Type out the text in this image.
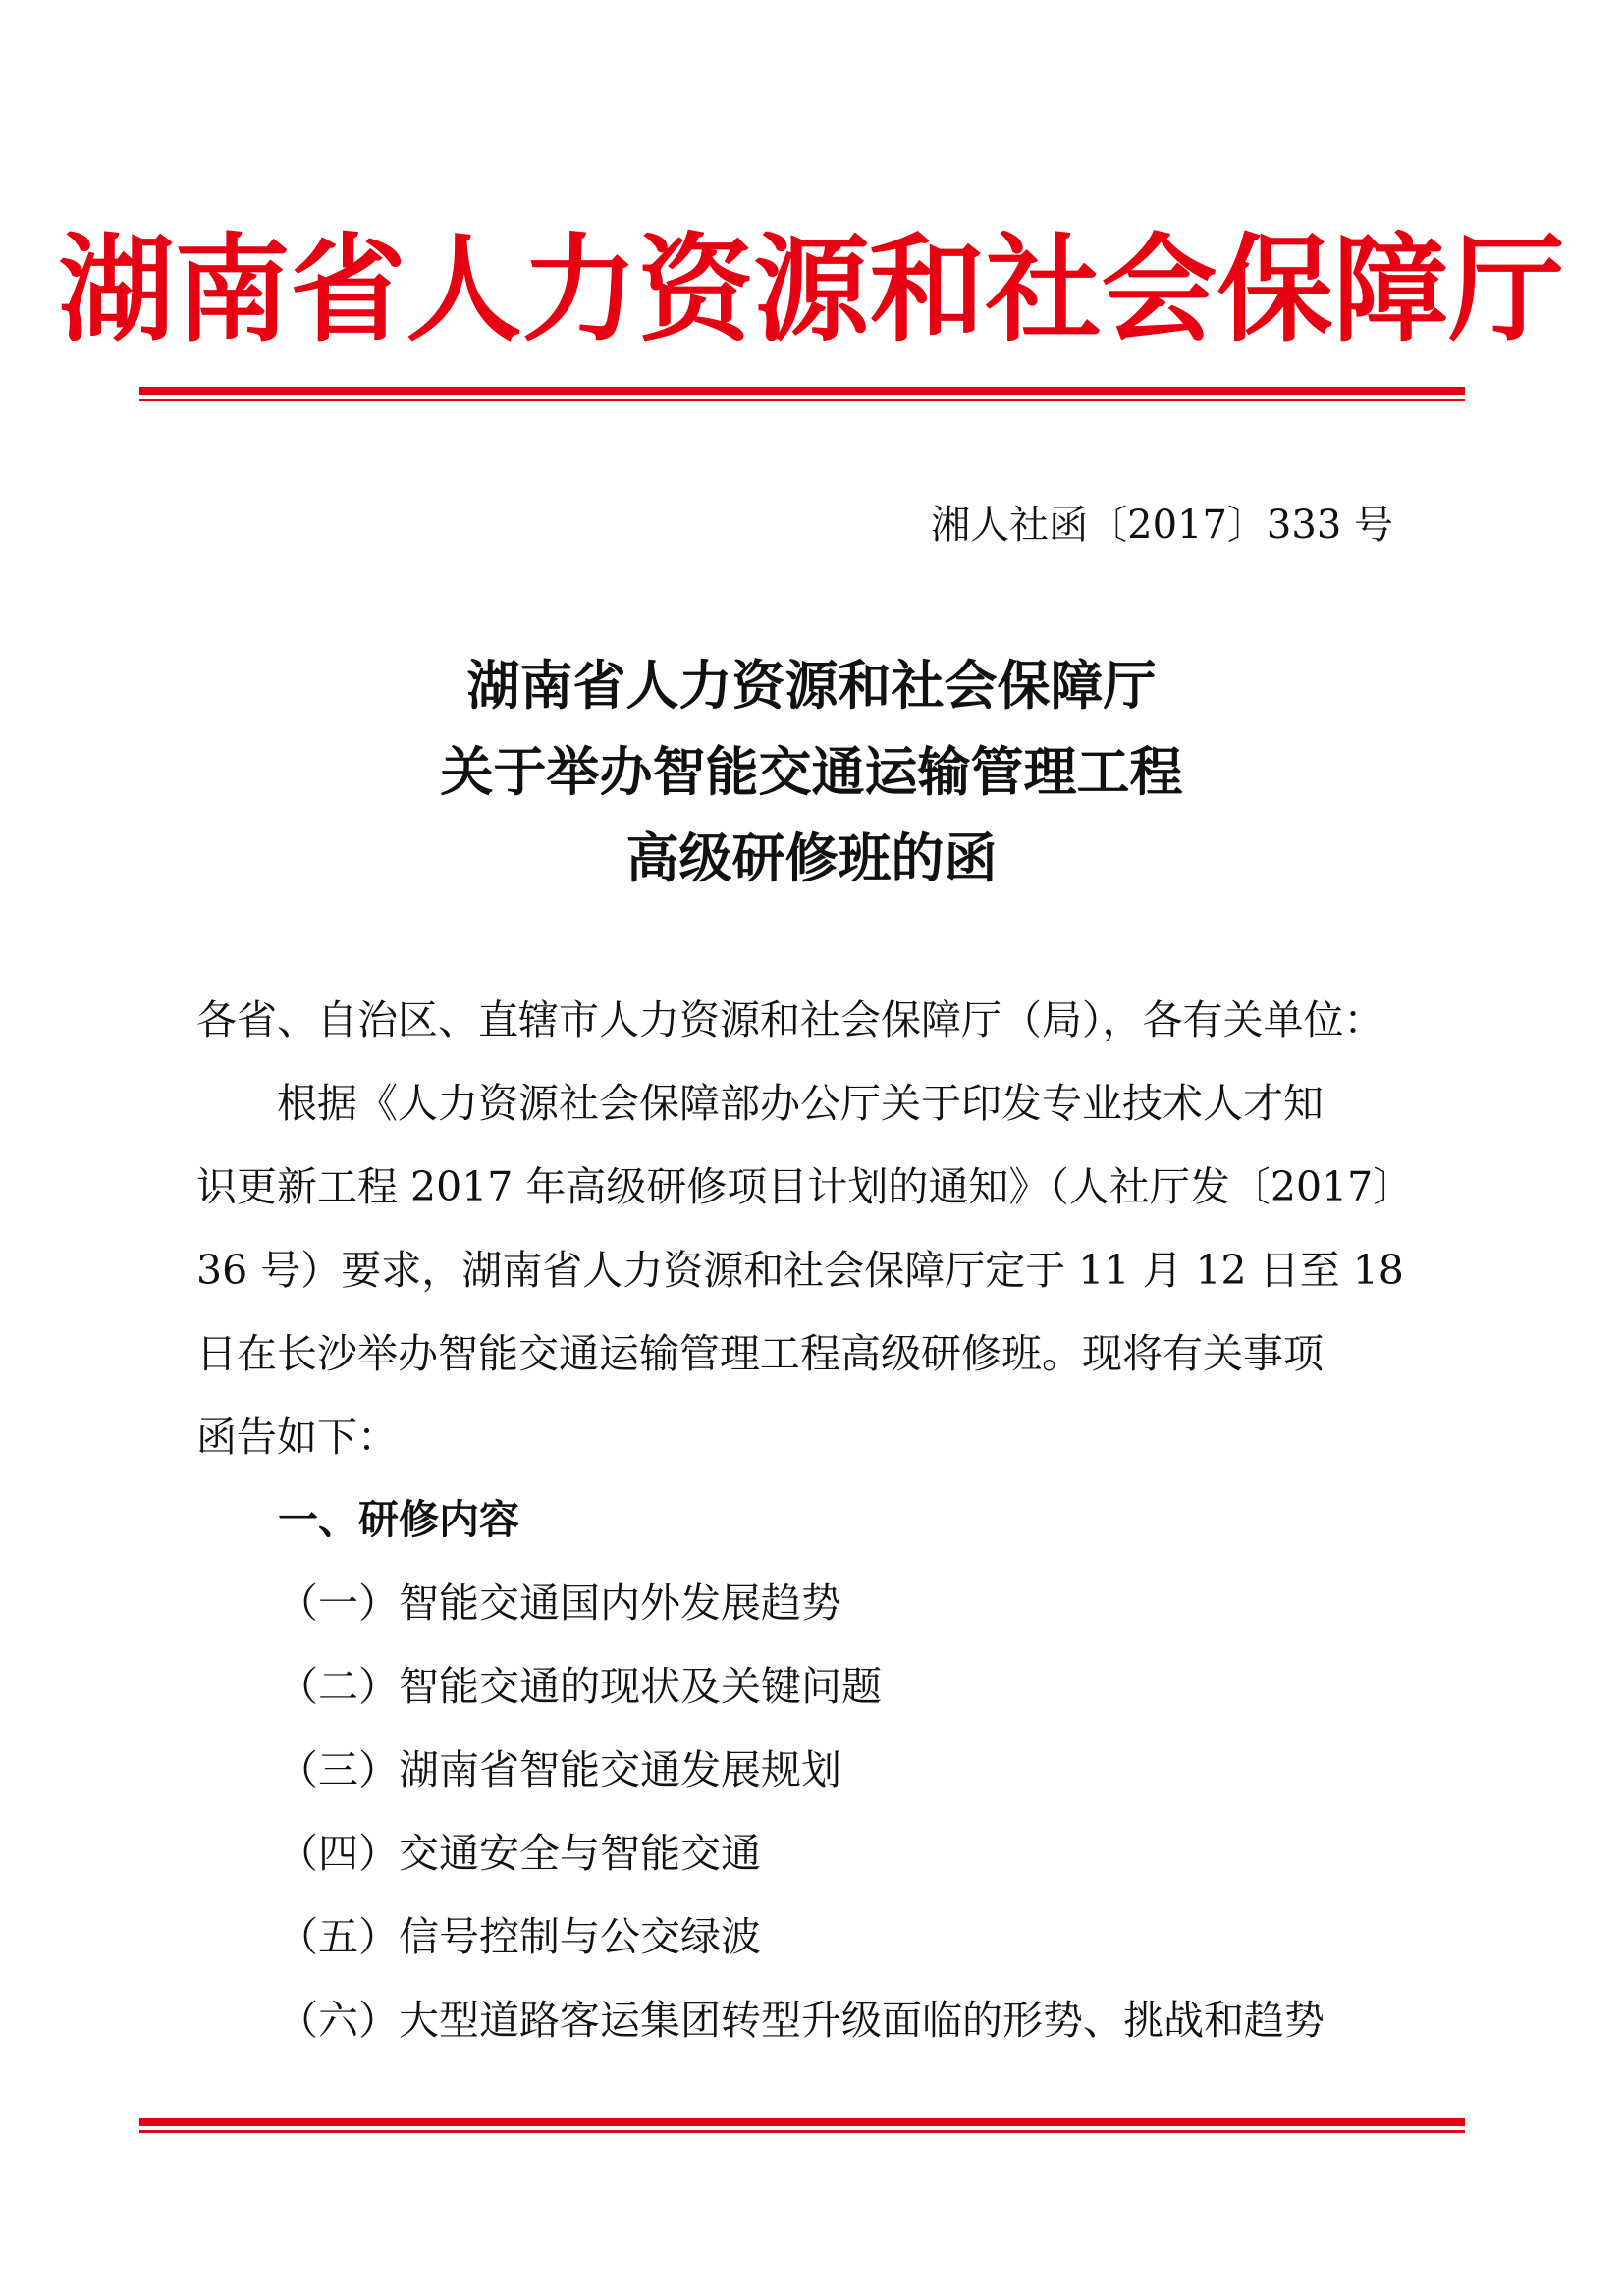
湖南省人力资源和社会保障厅
湘人社函〔2017〕333 号
湖南省人力资源和社会保障厅
关于举办智能交通运输管理工程
高级研修班的函
各省、自治区、直辖市人力资源和社会保障厅（局），各有关单位：
根据《人力资源社会保障部办公厅关于印发专业技术人才知
识更新工程 2017 年高级研修项目计划的通知》（人社厅发〔2017〕
36 号）要求，湖南省人力资源和社会保障厅定于 11 月 12 日至 18
日在长沙举办智能交通运输管理工程高级研修班。现将有关事项
函告如下：
一、研修内容
（一）智能交通国内外发展趋势
（二）智能交通的现状及关键问题
（三）湖南省智能交通发展规划
（四）交通安全与智能交通
（五）信号控制与公交绿波
（六）大型道路客运集团转型升级面临的形势、挑战和趋势
